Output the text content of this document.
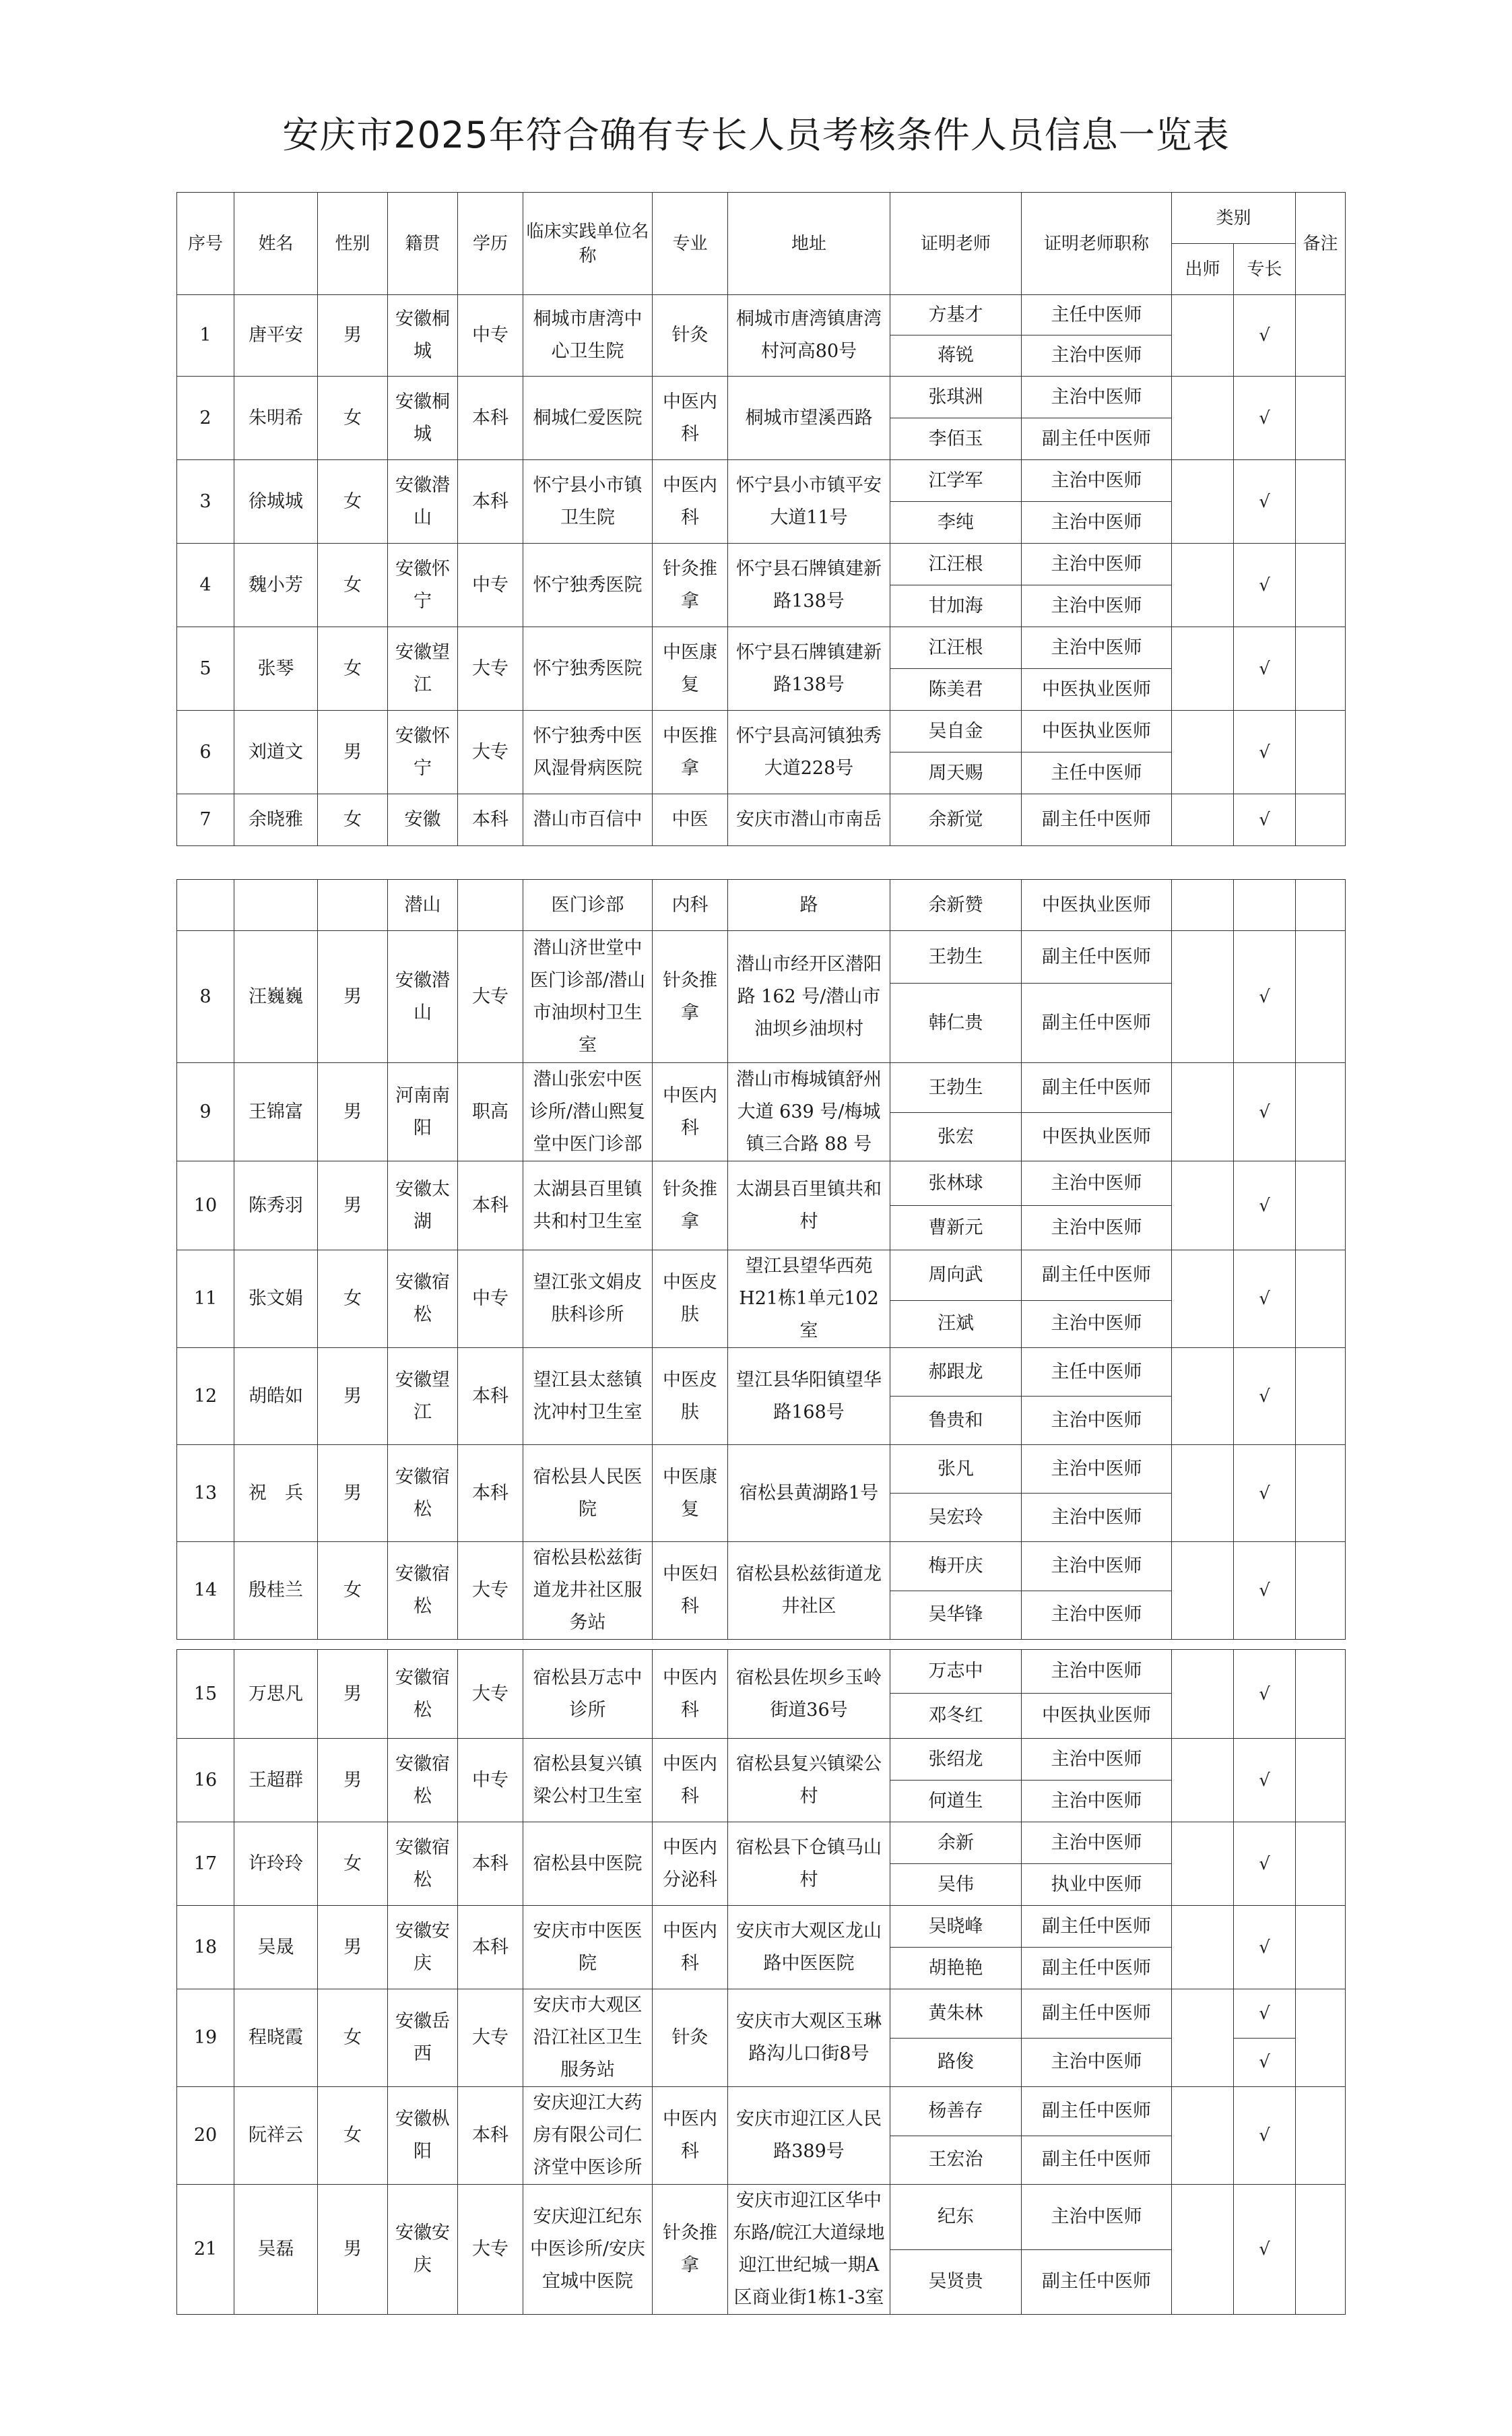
安庆市2025年符合确有专长人员考核条件人员信息一览表
序号	姓名	性别	籍贯	学历	临床实践单位名称	专业	地址	证明老师	证明老师职称	类别		备注
										出师	专长	
1	唐平安	男	安徽桐城	中专	桐城市唐湾中心卫生院	针灸	桐城市唐湾镇唐湾村河高80号	方基才	主任中医师		√	
								蒋锐	主治中医师			
2	朱明希	女	安徽桐城	本科	桐城仁爱医院	中医内科	桐城市望溪西路	张琪洲	主治中医师		√	
								李佰玉	副主任中医师			
3	徐城城	女	安徽潜山	本科	怀宁县小市镇卫生院	中医内科	怀宁县小市镇平安大道11号	江学军	主治中医师		√	
								李纯	主治中医师			
4	魏小芳	女	安徽怀宁	中专	怀宁独秀医院	针灸推拿	怀宁县石牌镇建新路138号	江汪根	主治中医师		√	
								甘加海	主治中医师			
5	张琴	女	安徽望江	大专	怀宁独秀医院	中医康复	怀宁县石牌镇建新路138号	江汪根	主治中医师		√	
								陈美君	中医执业医师			
6	刘道文	男	安徽怀宁	大专	怀宁独秀中医风湿骨病医院	中医推拿	怀宁县高河镇独秀大道228号	吴自金	中医执业医师		√	
								周天赐	主任中医师			
7	余晓雅	女	安徽	本科	潜山市百信中	中医	安庆市潜山市南岳	余新觉	副主任中医师		√	
			潜山		医门诊部	内科	路	余新赞	中医执业医师			
8	汪巍巍	男	安徽潜山	大专	潜山济世堂中医门诊部/潜山市油坝村卫生室	针灸推拿	潜山市经开区潜阳路 162 号/潜山市油坝乡油坝村	王勃生	副主任中医师		√	
								韩仁贵	副主任中医师			
9	王锦富	男	河南南阳	职高	潜山张宏中医诊所/潜山熙复堂中医门诊部	中医内科	潜山市梅城镇舒州大道 639 号/梅城镇三合路 88 号	王勃生	副主任中医师		√	
								张宏	中医执业医师			
10	陈秀羽	男	安徽太湖	本科	太湖县百里镇共和村卫生室	针灸推拿	太湖县百里镇共和村	张林球	主治中医师		√	
								曹新元	主治中医师			
11	张文娟	女	安徽宿松	中专	望江张文娟皮肤科诊所	中医皮肤	望江县望华西苑H21栋1单元102室	周向武	副主任中医师		√	
								汪斌	主治中医师			
12	胡皓如	男	安徽望江	本科	望江县太慈镇沈冲村卫生室	中医皮肤	望江县华阳镇望华路168号	郝跟龙	主任中医师		√	
								鲁贵和	主治中医师			
13	祝　兵	男	安徽宿松	本科	宿松县人民医院	中医康复	宿松县黄湖路1号	张凡	主治中医师		√	
								吴宏玲	主治中医师			
14	殷桂兰	女	安徽宿松	大专	宿松县松兹街道龙井社区服务站	中医妇科	宿松县松兹街道龙井社区	梅开庆	主治中医师		√	
								吴华锋	主治中医师			
15	万思凡	男	安徽宿松	大专	宿松县万志中诊所	中医内科	宿松县佐坝乡玉岭街道36号	万志中	主治中医师		√	
								邓冬红	中医执业医师			
16	王超群	男	安徽宿松	中专	宿松县复兴镇梁公村卫生室	中医内科	宿松县复兴镇梁公村	张绍龙	主治中医师		√	
								何道生	主治中医师			
17	许玲玲	女	安徽宿松	本科	宿松县中医院	中医内分泌科	宿松县下仓镇马山村	余新	主治中医师		√	
								吴伟	执业中医师			
18	吴晟	男	安徽安庆	本科	安庆市中医医院	中医内科	安庆市大观区龙山路中医医院	吴晓峰	副主任中医师		√	
								胡艳艳	副主任中医师			
19	程晓霞	女	安徽岳西	大专	安庆市大观区沿江社区卫生服务站	针灸	安庆市大观区玉琳路沟儿口街8号	黄朱林	副主任中医师		√	
								路俊	主治中医师		√	
20	阮祥云	女	安徽枞阳	本科	安庆迎江大药房有限公司仁济堂中医诊所	中医内科	安庆市迎江区人民路389号	杨善存	副主任中医师		√	
								王宏治	副主任中医师			
21	吴磊	男	安徽安庆	大专	安庆迎江纪东中医诊所/安庆宜城中医院	针灸推拿	安庆市迎江区华中东路/皖江大道绿地迎江世纪城一期A区商业街1栋1-3室	纪东	主治中医师		√	
								吴贤贵	副主任中医师			
